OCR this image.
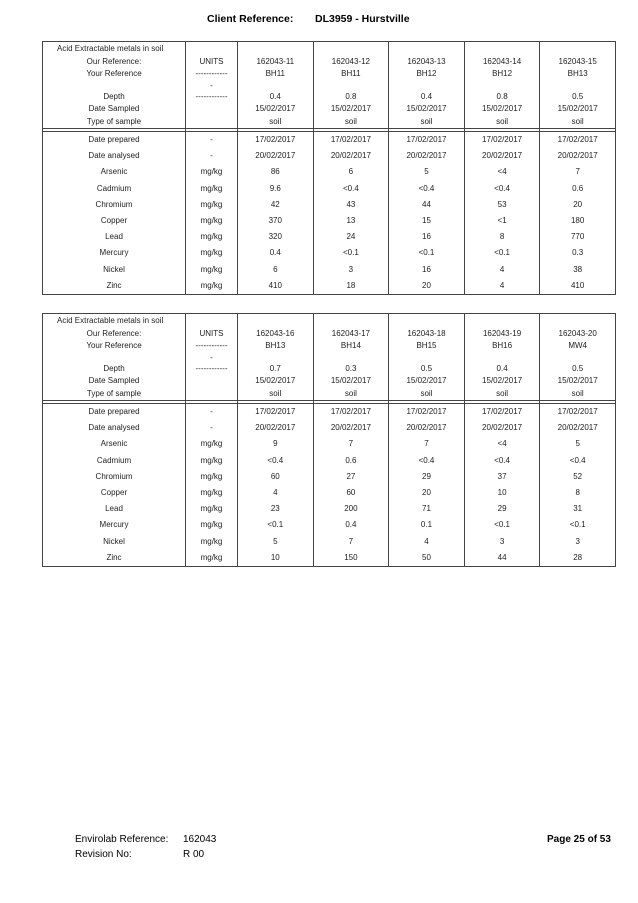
Client Reference: DL3959 - Hurstville
Acid Extractable metals in soil						
Our Reference:	UNITS	162043-11	162043-12	162043-13	162043-14	162043-15
Your Reference	------------	BH11	BH11	BH12	BH12	BH13
	-					
Depth	------------	0.4	0.8	0.4	0.8	0.5
Date Sampled		15/02/2017	15/02/2017	15/02/2017	15/02/2017	15/02/2017
Type of sample		soil	soil	soil	soil	soil

Date prepared	-	17/02/2017	17/02/2017	17/02/2017	17/02/2017	17/02/2017
Date analysed	-	20/02/2017	20/02/2017	20/02/2017	20/02/2017	20/02/2017
Arsenic	mg/kg	86	6	5	<4	7
Cadmium	mg/kg	9.6	<0.4	<0.4	<0.4	0.6
Chromium	mg/kg	42	43	44	53	20
Copper	mg/kg	370	13	15	<1	180
Lead	mg/kg	320	24	16	8	770
Mercury	mg/kg	0.4	<0.1	<0.1	<0.1	0.3
Nickel	mg/kg	6	3	16	4	38
Zinc	mg/kg	410	18	20	4	410
Acid Extractable metals in soil						
Our Reference:	UNITS	162043-16	162043-17	162043-18	162043-19	162043-20
Your Reference	------------	BH13	BH14	BH15	BH16	MW4
	-					
Depth	------------	0.7	0.3	0.5	0.4	0.5
Date Sampled		15/02/2017	15/02/2017	15/02/2017	15/02/2017	15/02/2017
Type of sample		soil	soil	soil	soil	soil

Date prepared	-	17/02/2017	17/02/2017	17/02/2017	17/02/2017	17/02/2017
Date analysed	-	20/02/2017	20/02/2017	20/02/2017	20/02/2017	20/02/2017
Arsenic	mg/kg	9	7	7	<4	5
Cadmium	mg/kg	<0.4	0.6	<0.4	<0.4	<0.4
Chromium	mg/kg	60	27	29	37	52
Copper	mg/kg	4	60	20	10	8
Lead	mg/kg	23	200	71	29	31
Mercury	mg/kg	<0.1	0.4	0.1	<0.1	<0.1
Nickel	mg/kg	5	7	4	3	3
Zinc	mg/kg	10	150	50	44	28
Envirolab Reference: 162043	Page 25 of 53
Revision No:	R 00
